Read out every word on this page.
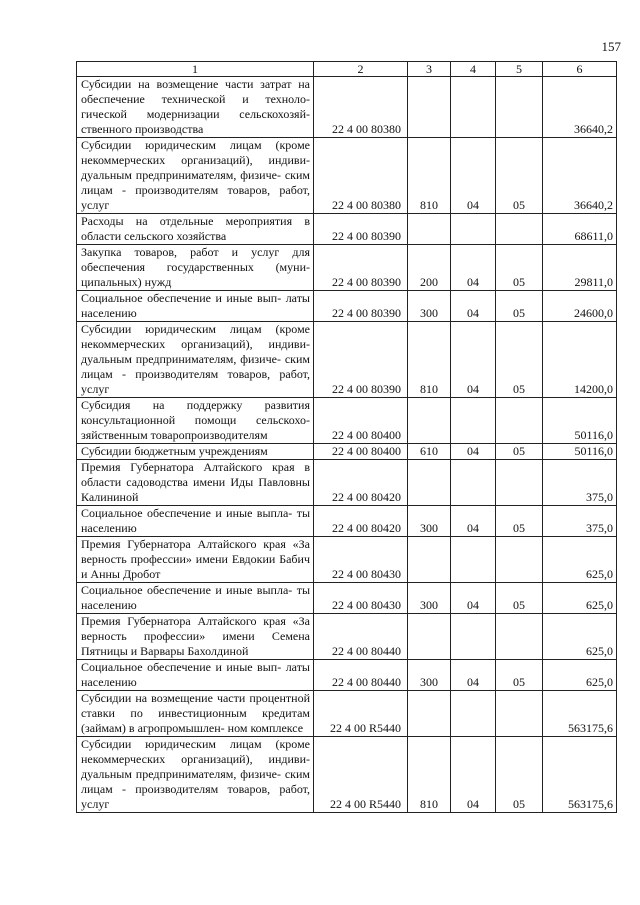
157
1	2	3	4	5	6
Субсидии на возмещение части затрат на обеспечение технической и техноло- гической модернизации сельскохозяй- ственного производства	22 4 00 80380				36640,2
Субсидии юридическим лицам (кроме некоммерческих организаций), индиви- дуальным предпринимателям, физиче- ским лицам - производителям товаров, работ, услуг	22 4 00 80380	810	04	05	36640,2
Расходы на отдельные мероприятия в области сельского хозяйства	22 4 00 80390				68611,0
Закупка товаров, работ и услуг для обеспечения государственных (муни- ципальных) нужд	22 4 00 80390	200	04	05	29811,0
Социальное обеспечение и иные вып- латы населению	22 4 00 80390	300	04	05	24600,0
Субсидии юридическим лицам (кроме некоммерческих организаций), индиви- дуальным предпринимателям, физиче- ским лицам - производителям товаров, работ, услуг	22 4 00 80390	810	04	05	14200,0
Субсидия на поддержку развития консультационной помощи сельскохо- зяйственным товаропроизводителям	22 4 00 80400				50116,0
Субсидии бюджетным учреждениям	22 4 00 80400	610	04	05	50116,0
Премия Губернатора Алтайского края в области садоводства имени Иды Павловны Калининой	22 4 00 80420				375,0
Социальное обеспечение и иные выпла- ты населению	22 4 00 80420	300	04	05	375,0
Премия Губернатора Алтайского края «За верность профессии» имени Евдокии Бабич и Анны Дробот	22 4 00 80430				625,0
Социальное обеспечение и иные выпла- ты населению	22 4 00 80430	300	04	05	625,0
Премия Губернатора Алтайского края «За верность профессии» имени Семена Пятницы и Варвары Бахолдиной	22 4 00 80440				625,0
Социальное обеспечение и иные вып- латы населению	22 4 00 80440	300	04	05	625,0
Субсидии на возмещение части процентной ставки по инвестиционным кредитам (займам) в агропромышлен- ном комплексе	22 4 00 R5440				563175,6
Субсидии юридическим лицам (кроме некоммерческих организаций), индиви- дуальным предпринимателям, физиче- ским лицам - производителям товаров, работ, услуг	22 4 00 R5440	810	04	05	563175,6
